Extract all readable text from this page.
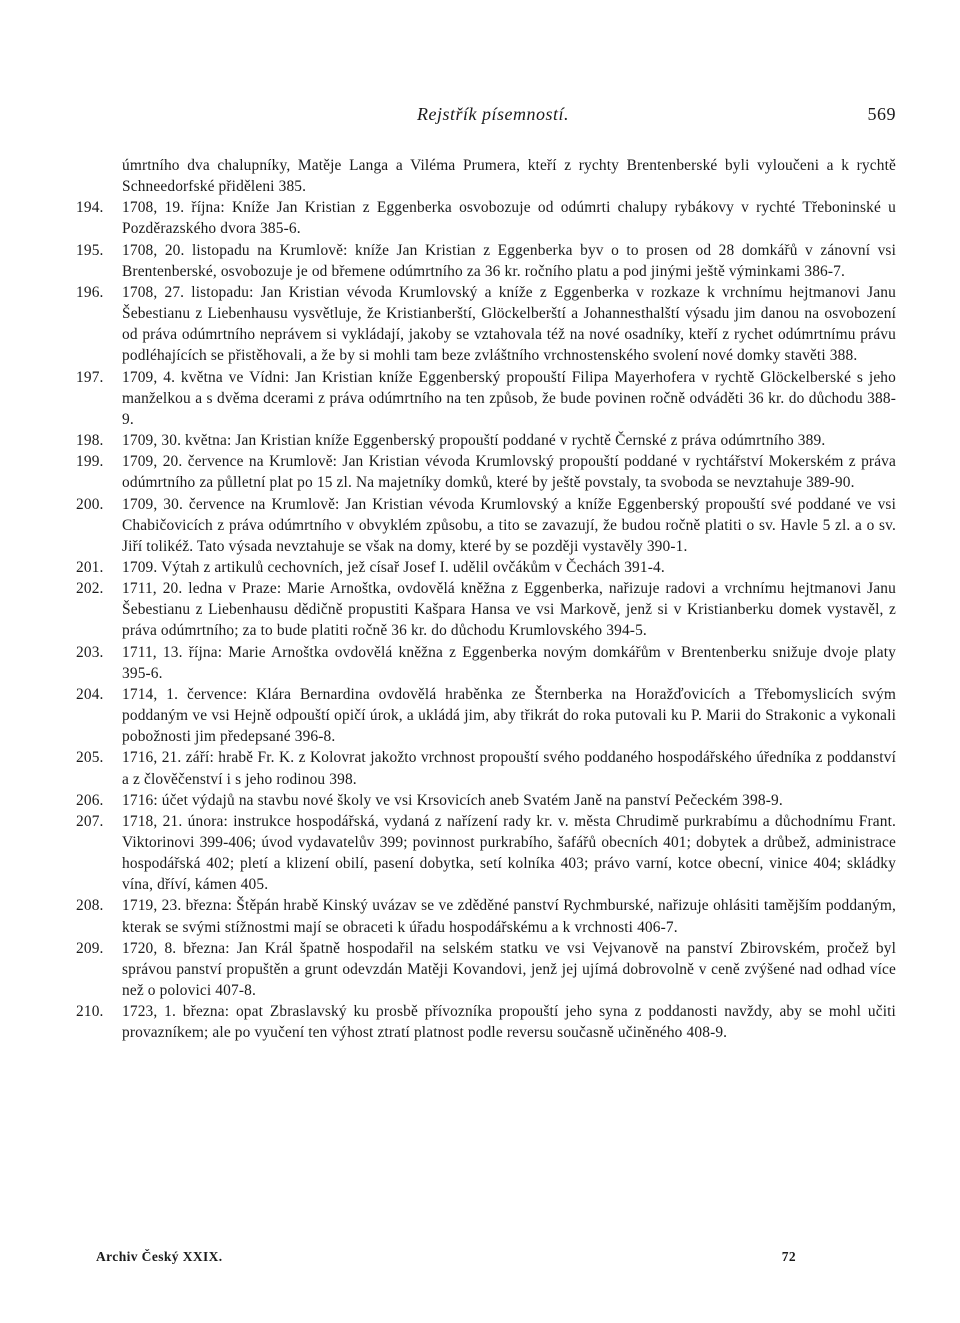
Rejstřík písemností.	569
úmrtního dva chalupníky, Matěje Langa a Viléma Prumera, kteří z rychty Brentenberské byli vyloučeni a k rychtě Schneedorfské přiděleni 385.
194.	1708, 19. října: Kníže Jan Kristian z Eggenberka osvobozuje od odúmrti chalupy rybákovy v rychté Třeboninské u Pozděrazského dvora 385-6.
195.	1708, 20. listopadu na Krumlově: kníže Jan Kristian z Eggenberka byv o to prosen od 28 domkářů v zánovní vsi Brentenberské, osvobozuje je od břemene odúmrtního za 36 kr. ročního platu a pod jinými ještě výminkami 386-7.
196.	1708, 27. listopadu: Jan Kristian vévoda Krumlovský a kníže z Eggenberka v rozkaze k vrchnímu hejtmanovi Janu Šebestianu z Liebenhausu vysvětluje, že Kristianberští, Glöckelberští a Johannesthalští výsadu jim danou na osvobození od práva odúmrtního neprávem si vykládají, jakoby se vztahovala též na nové osadníky, kteří z rychet odúmrtnímu právu podléhajících se přistěhovali, a že by si mohli tam beze zvláštního vrchnostenského svolení nové domky stavěti 388.
197.	1709, 4. května ve Vídni: Jan Kristian kníže Eggenberský propouští Filipa Mayerhofera v rychtě Glöckelberské s jeho manželkou a s dvěma dcerami z práva odúmrtního na ten způsob, že bude povinen ročně odváděti 36 kr. do důchodu 388-9.
198.	1709, 30. května: Jan Kristian kníže Eggenberský propouští poddané v rychtě Černské z práva odúmrtního 389.
199.	1709, 20. července na Krumlově: Jan Kristian vévoda Krumlovský propouští poddané v rychtářství Mokerském z práva odúmrtního za půlletní plat po 15 zl. Na majetníky domků, které by ještě povstaly, ta svoboda se nevztahuje 389-90.
200.	1709, 30. července na Krumlově: Jan Kristian vévoda Krumlovský a kníže Eggenberský propouští své poddané ve vsi Chabičovicích z práva odúmrtního v obvyklém způsobu, a tito se zavazují, že budou ročně platiti o sv. Havle 5 zl. a o sv. Jiří tolikéž. Tato výsada nevztahuje se však na domy, které by se později vystavěly 390-1.
201.	1709. Výtah z artikulů cechovních, jež císař Josef I. udělil ovčákům v Čechách 391-4.
202.	1711, 20. ledna v Praze: Marie Arnoštka, ovdovělá kněžna z Eggenberka, nařizuje radovi a vrchnímu hejtmanovi Janu Šebestianu z Liebenhausu dědičně propustiti Kašpara Hansa ve vsi Markově, jenž si v Kristianberku domek vystavěl, z práva odúmrtního; za to bude platiti ročně 36 kr. do důchodu Krumlovského 394-5.
203.	1711, 13. října: Marie Arnoštka ovdovělá kněžna z Eggenberka novým domkářům v Brentenberku snižuje dvoje platy 395-6.
204.	1714, 1. července: Klára Bernardina ovdovělá hraběnka ze Šternberka na Horažďovicích a Třebomyslicích svým poddaným ve vsi Hejně odpouští opičí úrok, a ukládá jim, aby třikrát do roka putovali ku P. Marii do Strakonic a vykonali pobožnosti jim předepsané 396-8.
205.	1716, 21. září: hrabě Fr. K. z Kolovrat jakožto vrchnost propouští svého poddaného hospodářského úředníka z poddanství a z člověčenství i s jeho rodinou 398.
206.	1716: účet výdajů na stavbu nové školy ve vsi Krsovicích aneb Svatém Janě na panství Pečeckém 398-9.
207.	1718, 21. února: instrukce hospodářská, vydaná z nařízení rady kr. v. města Chrudimě purkrabímu a důchodnímu Frant. Viktorinovi 399-406; úvod vydavatelův 399; povinnost purkrabího, šafářů obecních 401; dobytek a drůbež, administrace hospodářská 402; pletí a klizení obilí, pasení dobytka, setí kolníka 403; právo varní, kotce obecní, vinice 404; skládky vína, dříví, kámen 405.
208.	1719, 23. března: Štěpán hrabě Kinský uvázav se ve zděděné panství Rychmburské, nařizuje ohlásiti tamějším poddaným, kterak se svými stížnostmi mají se obraceti k úřadu hospodářskému a k vrchnosti 406-7.
209.	1720, 8. března: Jan Král špatně hospodařil na selském statku ve vsi Vejvanově na panství Zbirovském, pročež byl správou panství propuštěn a grunt odevzdán Matěji Kovandovi, jenž jej ujímá dobrovolně v ceně zvýšené nad odhad více než o polovici 407-8.
210.	1723, 1. března: opat Zbraslavský ku prosbě přívozníka propouští jeho syna z poddanosti navždy, aby se mohl učiti provazníkem; ale po vyučení ten výhost ztratí platnost podle reversu současně učiněného 408-9.
Archiv Český XXIX.	72
